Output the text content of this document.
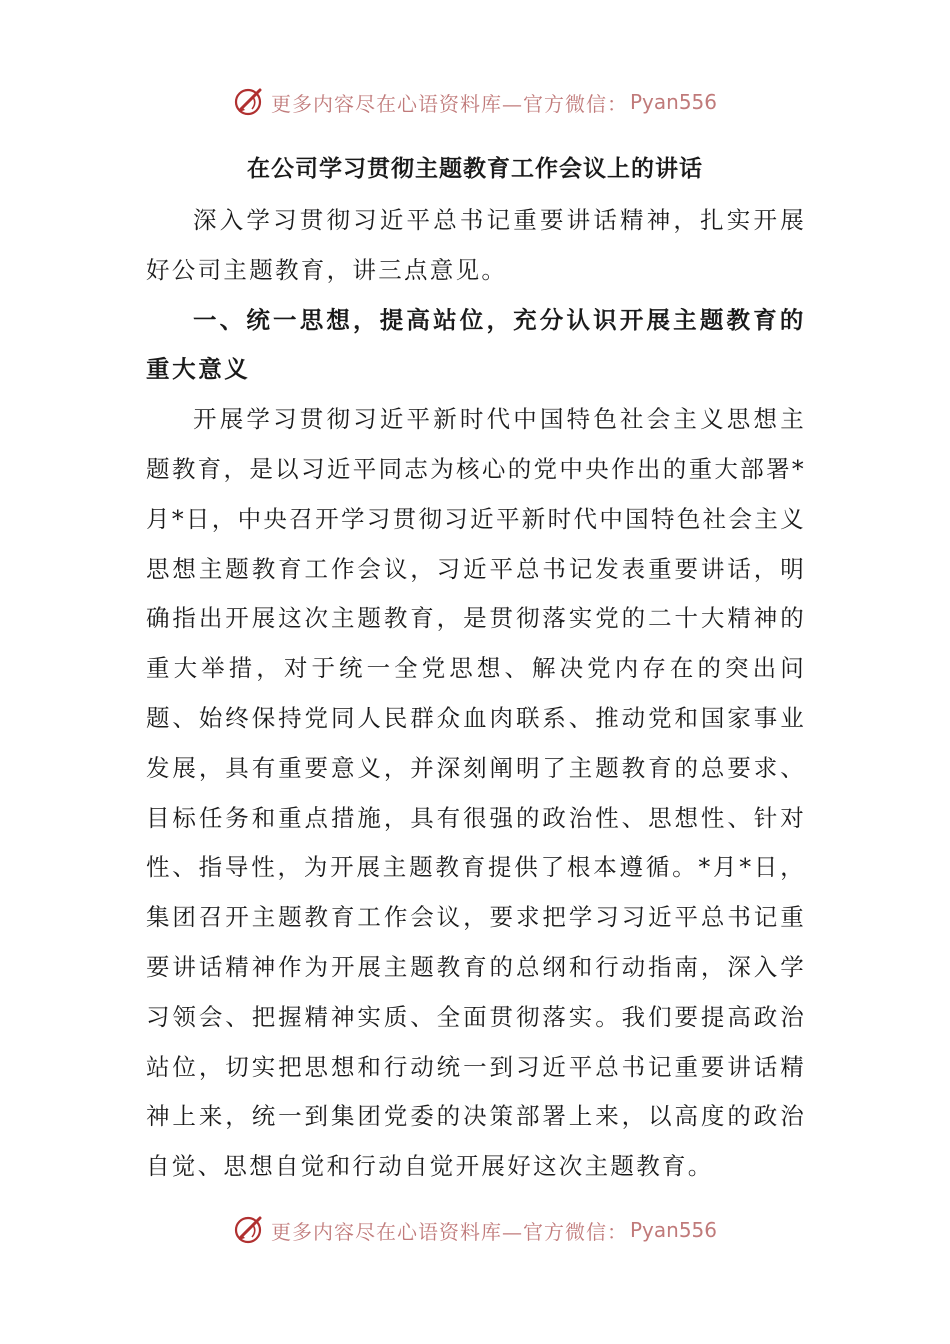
更多内容尽在心语资料库—官方微信： Pyan556
在公司学习贯彻主题教育工作会议上的讲话

深入学习贯彻习近平总书记重要讲话精神，扎实开展好公司主题教育，讲三点意见。

一、统一思想，提高站位，充分认识开展主题教育的重大意义

开展学习贯彻习近平新时代中国特色社会主义思想主题教育，是以习近平同志为核心的党中央作出的重大部署*月*日，中央召开学习贯彻习近平新时代中国特色社会主义思想主题教育工作会议，习近平总书记发表重要讲话，明确指出开展这次主题教育，是贯彻落实党的二十大精神的重大举措，对于统一全党思想、解决党内存在的突出问题、始终保持党同人民群众血肉联系、推动党和国家事业发展，具有重要意义，并深刻阐明了主题教育的总要求、目标任务和重点措施，具有很强的政治性、思想性、针对性、指导性，为开展主题教育提供了根本遵循。*月*日，集团召开主题教育工作会议，要求把学习习近平总书记重要讲话精神作为开展主题教育的总纲和行动指南，深入学习领会、把握精神实质、全面贯彻落实。我们要提高政治站位，切实把思想和行动统一到习近平总书记重要讲话精神上来，统一到集团党委的决策部署上来，以高度的政治自觉、思想自觉和行动自觉开展好这次主题教育。

更多内容尽在心语资料库—官方微信： Pyan556
